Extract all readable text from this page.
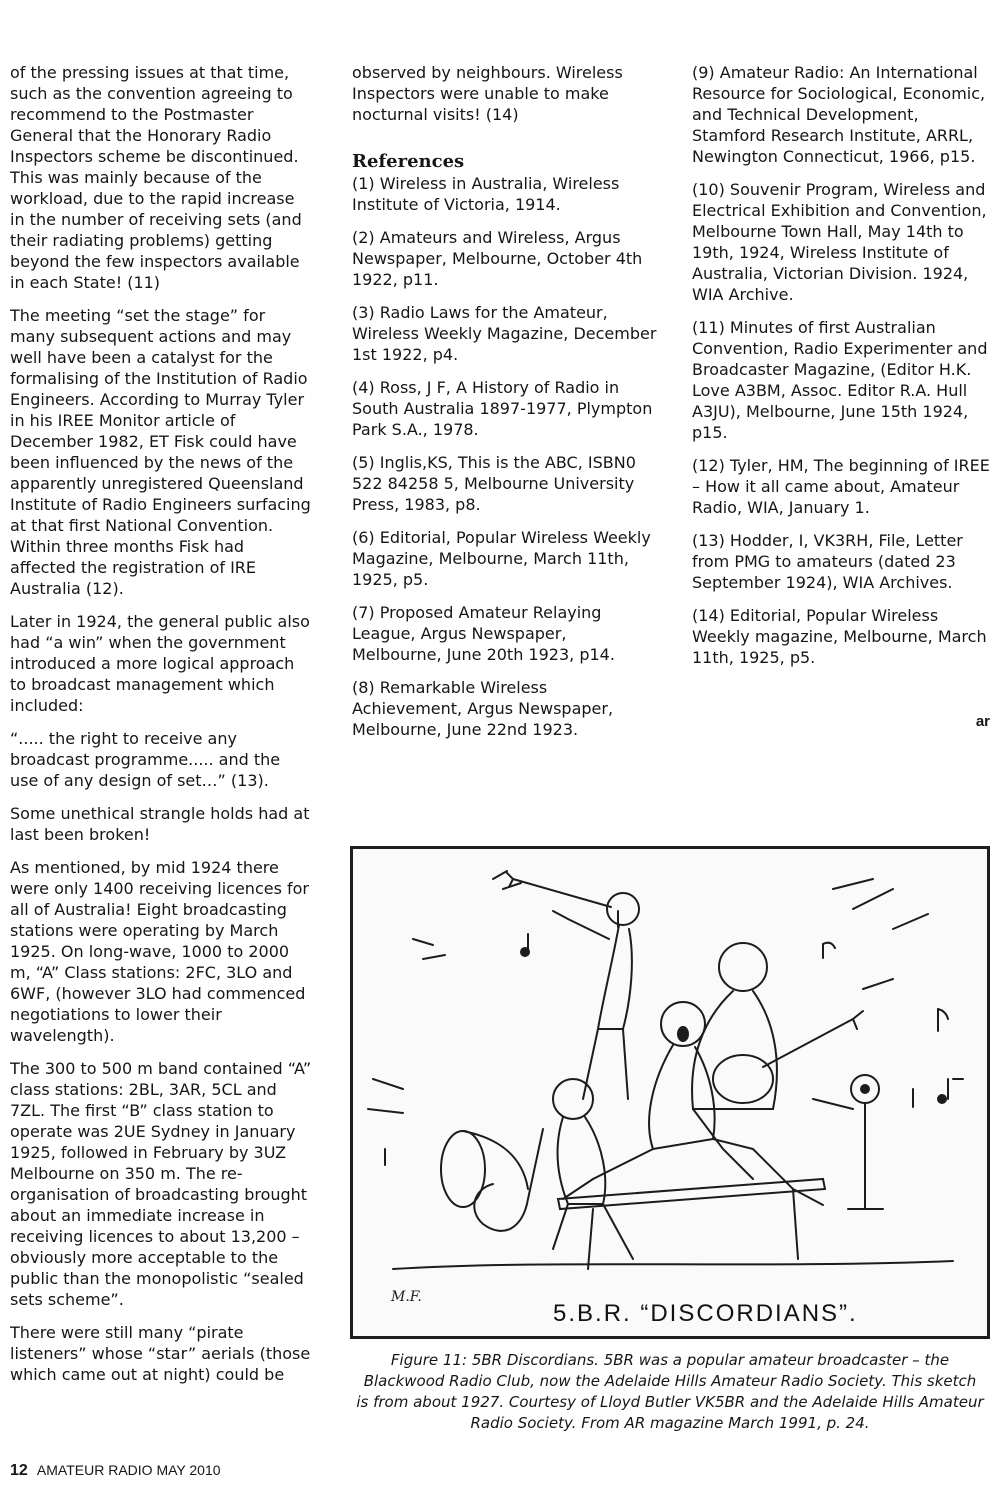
of the pressing issues at that time, such as the convention agreeing to recommend to the Postmaster General that the Honorary Radio Inspectors scheme be discontinued. This was mainly because of the workload, due to the rapid increase in the number of receiving sets (and their radiating problems) getting beyond the few inspectors available in each State! (11)

The meeting “set the stage” for many subsequent actions and may well have been a catalyst for the formalising of the Institution of Radio Engineers. According to Murray Tyler in his IREE Monitor article of December 1982, ET Fisk could have been influenced by the news of the apparently unregistered Queensland Institute of Radio Engineers surfacing at that first National Convention. Within three months Fisk had affected the registration of IRE Australia (12).

Later in 1924, the general public also had “a win” when the government introduced a more logical approach to broadcast management which included:

“..... the right to receive any broadcast programme..... and the use of any design of set…” (13).

Some unethical strangle holds had at last been broken!

As mentioned, by mid 1924 there were only 1400 receiving licences for all of Australia! Eight broadcasting stations were operating by March 1925. On long-wave, 1000 to 2000 m, “A” Class stations: 2FC, 3LO and 6WF, (however 3LO had commenced negotiations to lower their wavelength).

The 300 to 500 m band contained “A” class stations: 2BL, 3AR, 5CL and 7ZL. The first “B” class station to operate was 2UE Sydney in January 1925, followed in February by 3UZ Melbourne on 350 m. The re-organisation of broadcasting brought about an immediate increase in receiving licences to about 13,200 – obviously more acceptable to the public than the monopolistic “sealed sets scheme”.

There were still many “pirate listeners” whose “star” aerials (those which came out at night) could be

observed by neighbours. Wireless Inspectors were unable to make nocturnal visits! (14)

References

(1) Wireless in Australia, Wireless Institute of Victoria, 1914.

(2) Amateurs and Wireless, Argus Newspaper, Melbourne, October 4th 1922, p11.

(3) Radio Laws for the Amateur, Wireless Weekly Magazine, December 1st 1922, p4.

(4) Ross, J F, A History of Radio in South Australia 1897-1977, Plympton Park S.A., 1978.

(5) Inglis,KS, This is the ABC, ISBN0 522 84258 5, Melbourne University Press, 1983, p8.

(6) Editorial, Popular Wireless Weekly Magazine, Melbourne, March 11th, 1925, p5.

(7) Proposed Amateur Relaying League, Argus Newspaper, Melbourne, June 20th 1923, p14.

(8) Remarkable Wireless Achievement, Argus Newspaper, Melbourne, June 22nd 1923.

(9) Amateur Radio: An International Resource for Sociological, Economic, and Technical Development, Stamford Research Institute, ARRL, Newington Connecticut, 1966, p15.

(10) Souvenir Program, Wireless and Electrical Exhibition and Convention, Melbourne Town Hall, May 14th to 19th, 1924, Wireless Institute of Australia, Victorian Division. 1924, WIA Archive.

(11) Minutes of first Australian Convention, Radio Experimenter and Broadcaster Magazine, (Editor H.K. Love A3BM, Assoc. Editor R.A. Hull A3JU), Melbourne, June 15th 1924, p15.

(12) Tyler, HM, The beginning of IREE – How it all came about, Amateur Radio, WIA, January 1.

(13) Hodder, I, VK3RH, File, Letter from PMG to amateurs (dated 23 September 1924), WIA Archives.

(14) Editorial, Popular Wireless Weekly magazine, Melbourne, March 11th, 1925, p5.

ar
M.F.
5.B.R. “DISCORDIANS”.
Figure 11: 5BR Discordians. 5BR was a popular amateur broadcaster – the Blackwood Radio Club, now the Adelaide Hills Amateur Radio Society. This sketch is from about 1927. Courtesy of Lloyd Butler VK5BR and the Adelaide Hills Amateur Radio Society. From AR magazine March 1991, p. 24.
12 AMATEUR RADIO MAY 2010
